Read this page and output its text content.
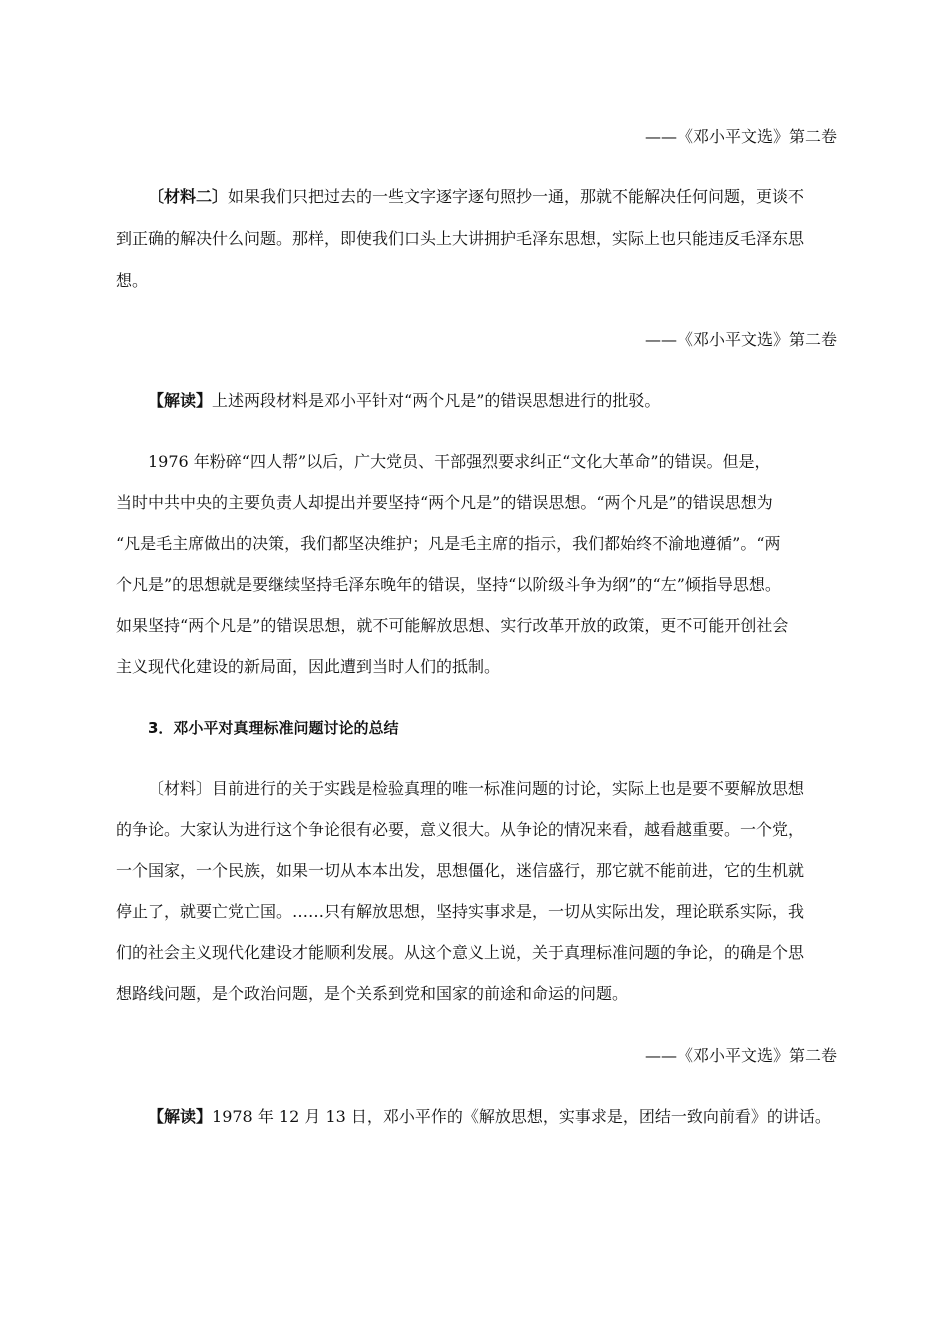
——《邓小平文选》第二卷
〔材料二〕如果我们只把过去的一些文字逐字逐句照抄一通，那就不能解决任何问题，更谈不
到正确的解决什么问题。那样，即使我们口头上大讲拥护毛泽东思想，实际上也只能违反毛泽东思
想。
——《邓小平文选》第二卷
【解读】上述两段材料是邓小平针对“两个凡是”的错误思想进行的批驳。
1976 年粉碎“四人帮”以后，广大党员、干部强烈要求纠正“文化大革命”的错误。但是，
当时中共中央的主要负责人却提出并要坚持“两个凡是”的错误思想。“两个凡是”的错误思想为
“凡是毛主席做出的决策，我们都坚决维护；凡是毛主席的指示，我们都始终不渝地遵循”。“两
个凡是”的思想就是要继续坚持毛泽东晚年的错误，坚持“以阶级斗争为纲”的“左”倾指导思想。
如果坚持“两个凡是”的错误思想，就不可能解放思想、实行改革开放的政策，更不可能开创社会
主义现代化建设的新局面，因此遭到当时人们的抵制。
3．邓小平对真理标准问题讨论的总结
〔材料〕目前进行的关于实践是检验真理的唯一标准问题的讨论，实际上也是要不要解放思想
的争论。大家认为进行这个争论很有必要，意义很大。从争论的情况来看，越看越重要。一个党，
一个国家，一个民族，如果一切从本本出发，思想僵化，迷信盛行，那它就不能前进，它的生机就
停止了，就要亡党亡国。……只有解放思想，坚持实事求是，一切从实际出发，理论联系实际，我
们的社会主义现代化建设才能顺利发展。从这个意义上说，关于真理标准问题的争论，的确是个思
想路线问题，是个政治问题，是个关系到党和国家的前途和命运的问题。
——《邓小平文选》第二卷
【解读】1978 年 12 月 13 日，邓小平作的《解放思想，实事求是，团结一致向前看》的讲话。
